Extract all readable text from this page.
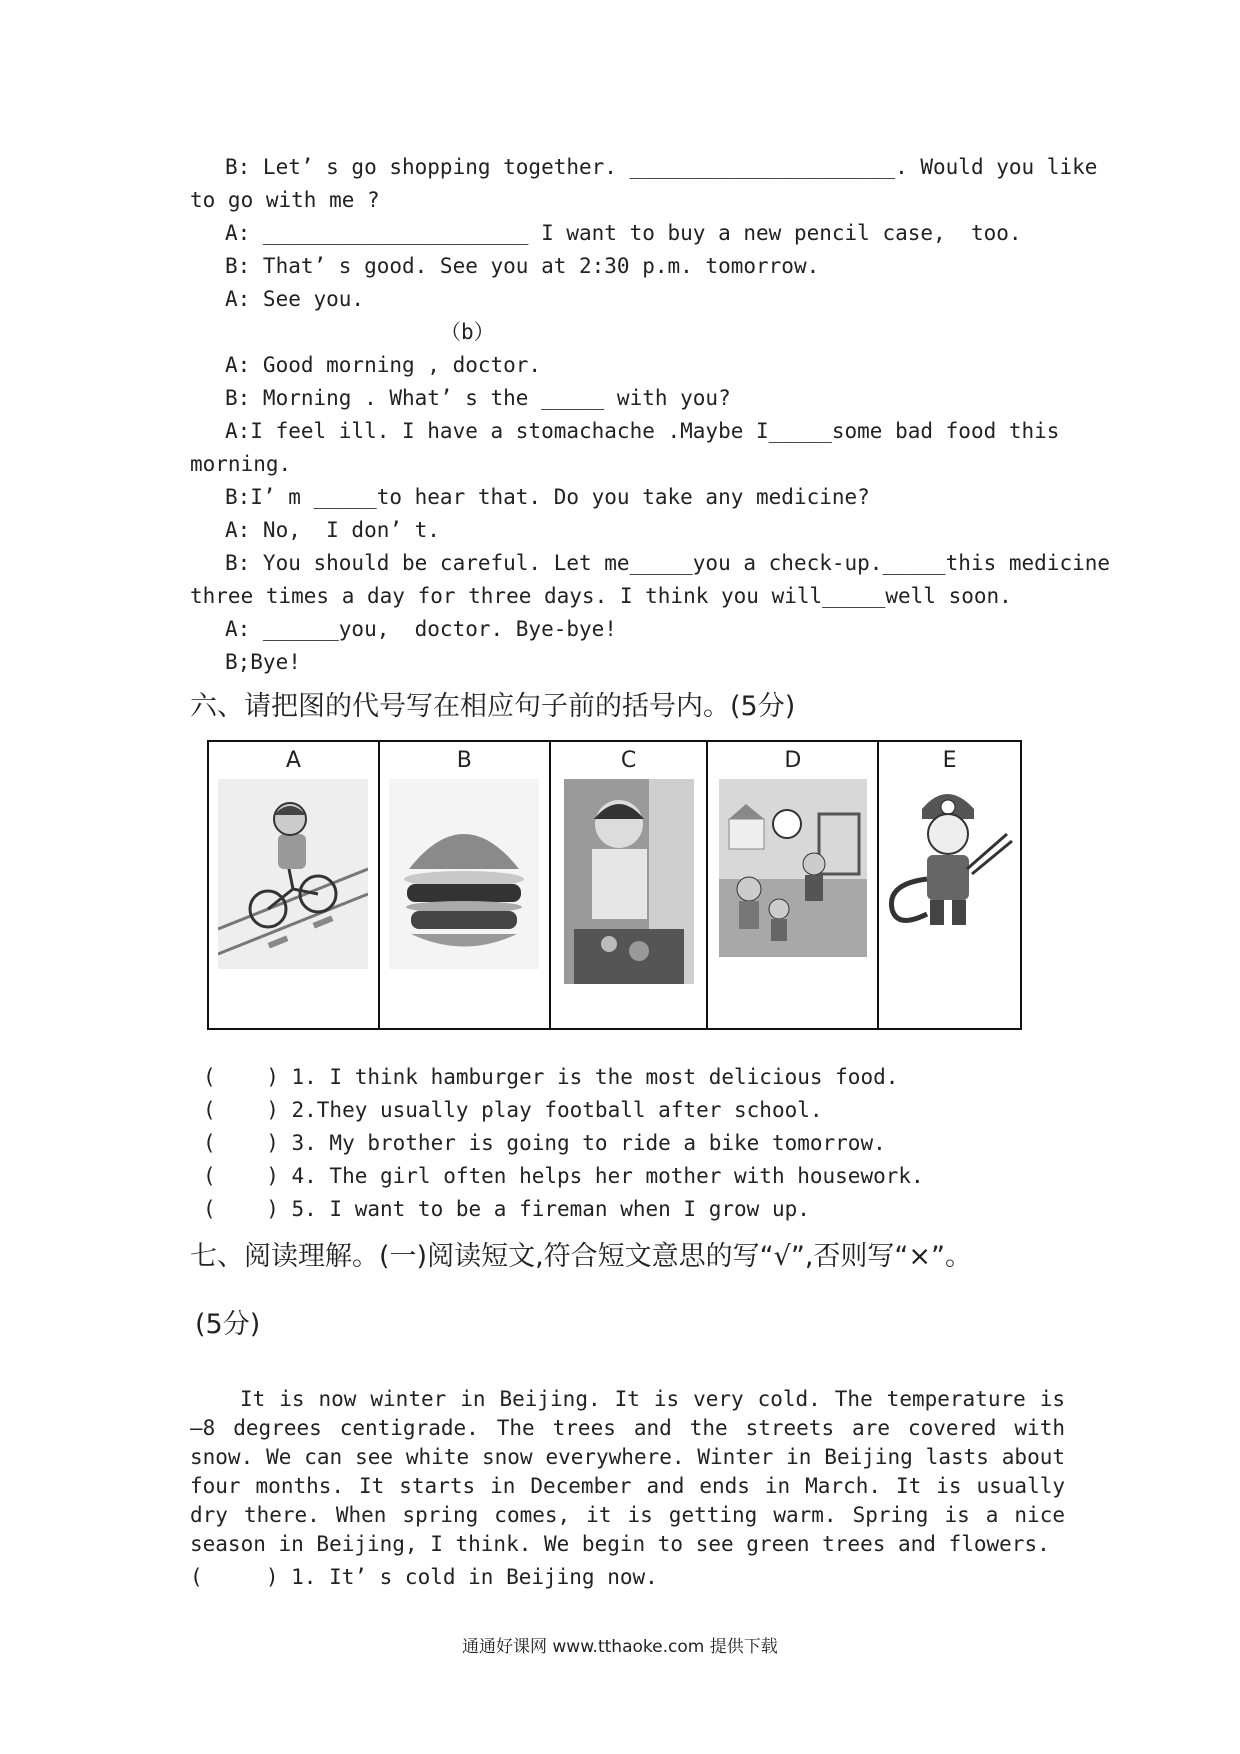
B: Let’ s go shopping together. _____________________. Would you like
to go with me ?
A: _____________________ I want to buy a new pencil case,  too.
B: That’ s good. See you at 2:30 p.m. tomorrow.
A: See you.
（b）
A: Good morning , doctor.
B: Morning . What’ s the _____ with you?
A:I feel ill. I have a stomachache .Maybe I_____some bad food this
morning.
B:I’ m _____to hear that. Do you take any medicine?
A: No,  I don’ t.
B: You should be careful. Let me_____you a check-up._____this medicine
three times a day for three days. I think you will_____well soon.
A: ______you,  doctor. Bye-bye!
B;Bye!
六、请把图的代号写在相应句子前的括号内。(5分)
A	B	C	D	E
(    ) 1. I think hamburger is the most delicious food.
(    ) 2.They usually play football after school.
(    ) 3. My brother is going to ride a bike tomorrow.
(    ) 4. The girl often helps her mother with housework.
(    ) 5. I want to be a fireman when I grow up.
七、阅读理解。(一)阅读短文,符合短文意思的写“√”,否则写“×”。
(5分)
It is now winter in Beijing. It is very cold. The temperature is –8 degrees centigrade. The trees and the streets are covered with snow. We can see white snow everywhere. Winter in Beijing lasts about four months. It starts in December and ends in March. It is usually dry there. When spring comes, it is getting warm. Spring is a nice season in Beijing, I think. We begin to see green trees and flowers.
(     ) 1. It’ s cold in Beijing now.
通通好课网 www.tthaoke.com 提供下载
